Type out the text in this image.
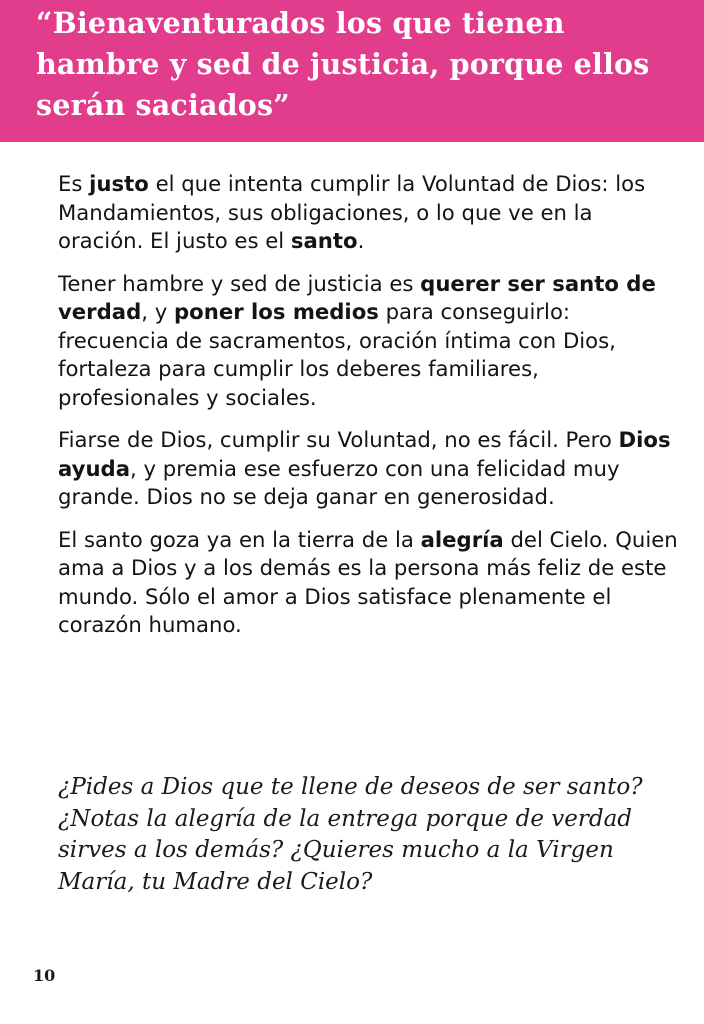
“Bienaventurados los que tienen hambre y sed de justicia, porque ellos serán saciados”

Es justo el que intenta cumplir la Voluntad de Dios: los Mandamientos, sus obligaciones, o lo que ve en la oración. El justo es el santo.

Tener hambre y sed de justicia es querer ser santo de verdad, y poner los medios para conseguirlo: frecuencia de sacramentos, oración íntima con Dios, fortaleza para cumplir los deberes familiares, profesionales y sociales.

Fiarse de Dios, cumplir su Voluntad, no es fácil. Pero Dios ayuda, y premia ese esfuerzo con una felicidad muy grande. Dios no se deja ganar en generosidad.

El santo goza ya en la tierra de la alegría del Cielo. Quien ama a Dios y a los demás es la persona más feliz de este mundo. Sólo el amor a Dios satisface plenamente el corazón humano.

¿Pides a Dios que te llene de deseos de ser santo? ¿Notas la alegría de la entrega porque de verdad sirves a los demás? ¿Quieres mucho a la Virgen María, tu Madre del Cielo?
10
